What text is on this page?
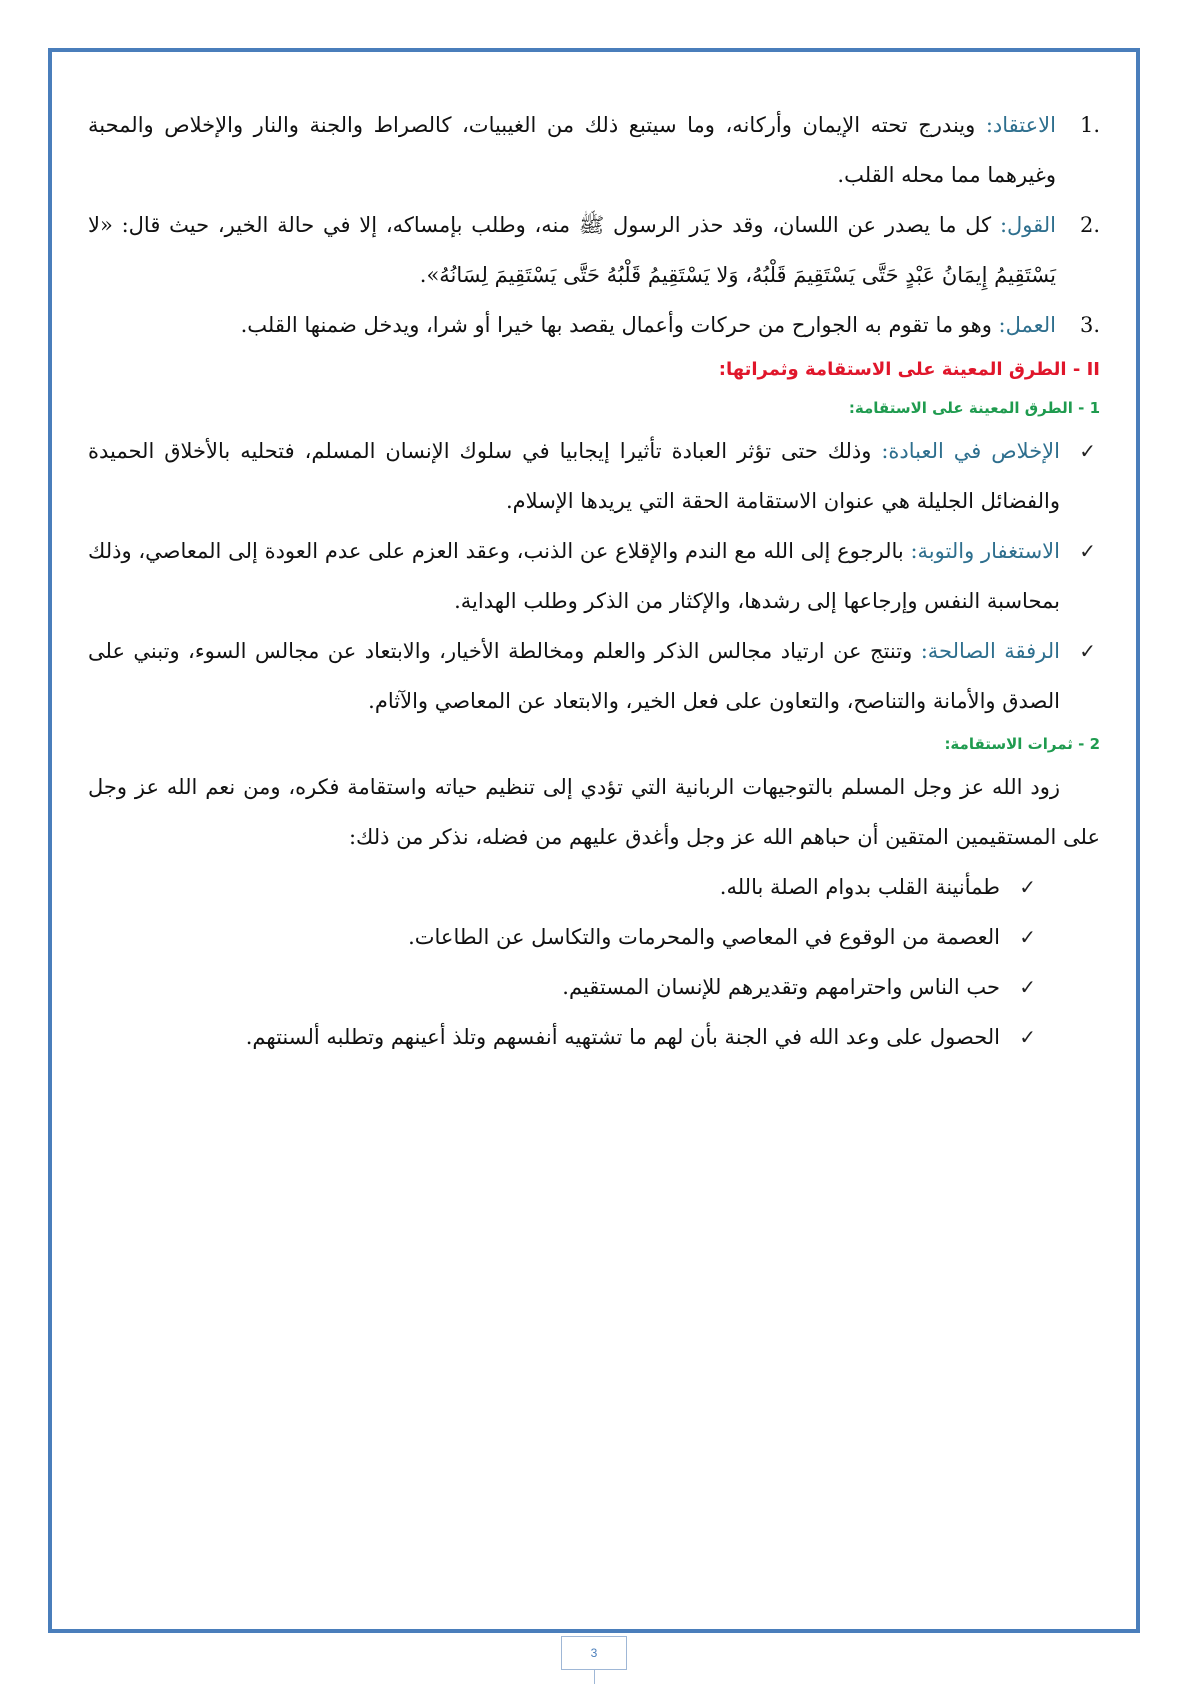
1.
الاعتقاد: ويندرج تحته الإيمان وأركانه، وما سيتبع ذلك من الغيبيات، كالصراط والجنة والنار والإخلاص والمحبة وغيرهما مما محله القلب.

2.
القول: كل ما يصدر عن اللسان، وقد حذر الرسول ﷺ منه، وطلب بإمساكه، إلا في حالة الخير، حيث قال: «لا يَسْتَقِيمُ إِيمَانُ عَبْدٍ حَتَّى يَسْتَقِيمَ قَلْبُهُ، وَلا يَسْتَقِيمُ قَلْبُهُ حَتَّى يَسْتَقِيمَ لِسَانُهُ».

3.
العمل: وهو ما تقوم به الجوارح من حركات وأعمال يقصد بها خيرا أو شرا، ويدخل ضمنها القلب.

II - الطرق المعينة على الاستقامة وثمراتها:

1 - الطرق المعينة على الاستقامة:

✓
الإخلاص في العبادة: وذلك حتى تؤثر العبادة تأثيرا إيجابيا في سلوك الإنسان المسلم، فتحليه بالأخلاق الحميدة والفضائل الجليلة هي عنوان الاستقامة الحقة التي يريدها الإسلام.

✓
الاستغفار والتوبة: بالرجوع إلى الله مع الندم والإقلاع عن الذنب، وعقد العزم على عدم العودة إلى المعاصي، وذلك بمحاسبة النفس وإرجاعها إلى رشدها، والإكثار من الذكر وطلب الهداية.

✓
الرفقة الصالحة: وتنتج عن ارتياد مجالس الذكر والعلم ومخالطة الأخيار، والابتعاد عن مجالس السوء، وتبني على الصدق والأمانة والتناصح، والتعاون على فعل الخير، والابتعاد عن المعاصي والآثام.

2 - ثمرات الاستقامة:

زود الله عز وجل المسلم بالتوجيهات الربانية التي تؤدي إلى تنظيم حياته واستقامة فكره، ومن نعم الله عز وجل على المستقيمين المتقين أن حباهم الله عز وجل وأغدق عليهم من فضله، نذكر من ذلك:

✓
طمأنينة القلب بدوام الصلة بالله.

✓
العصمة من الوقوع في المعاصي والمحرمات والتكاسل عن الطاعات.

✓
حب الناس واحترامهم وتقديرهم للإنسان المستقيم.

✓
الحصول على وعد الله في الجنة بأن لهم ما تشتهيه أنفسهم وتلذ أعينهم وتطلبه ألسنتهم.

3
